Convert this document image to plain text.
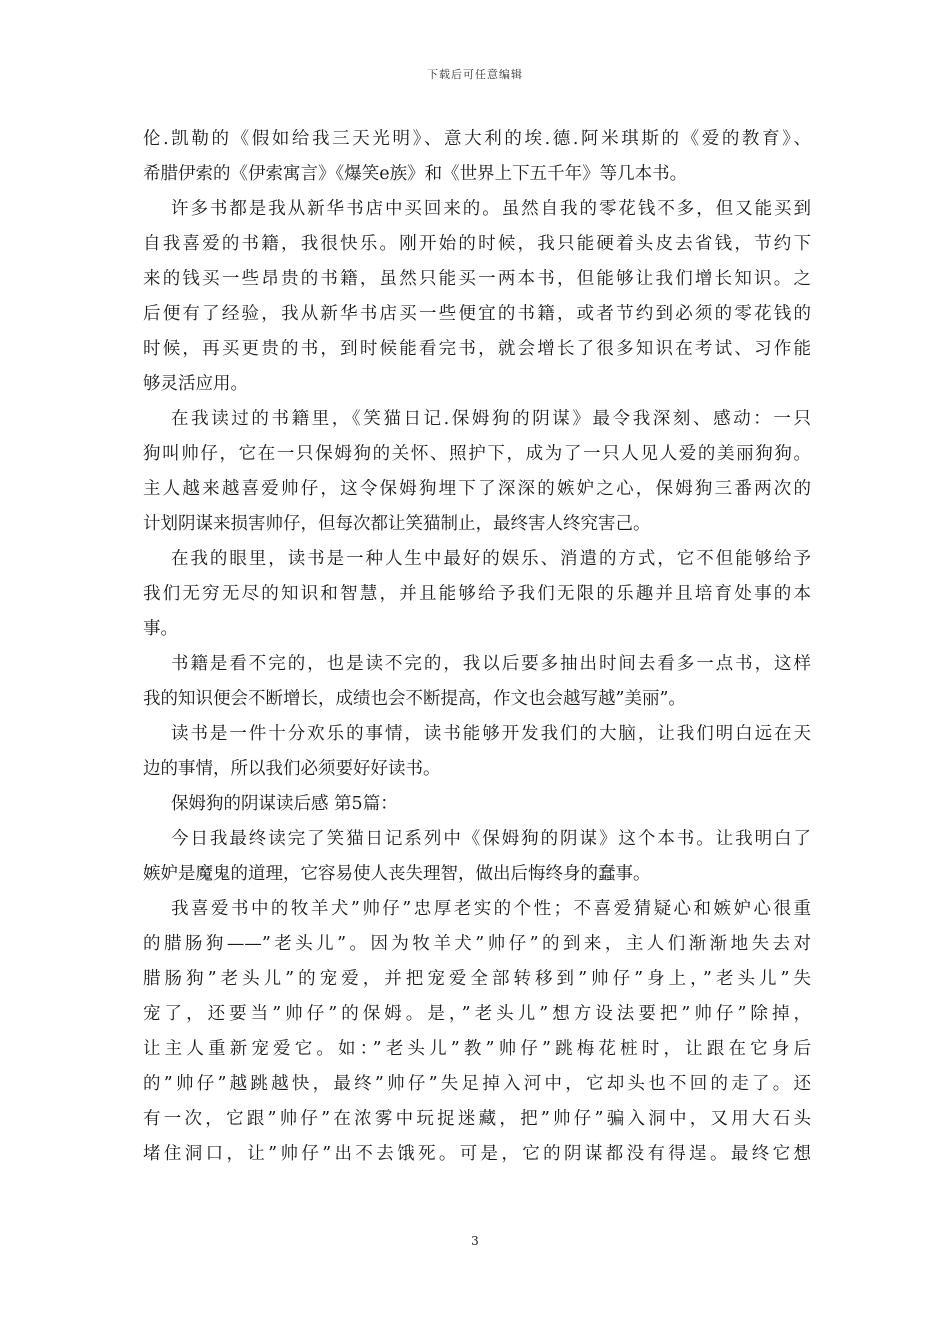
下载后可任意编辑
伦.凯勒的《假如给我三天光明》、意大利的埃.德.阿米琪斯的《爱的教育》、
希腊伊索的《伊索寓言》《爆笑e族》和《世界上下五千年》等几本书。
许多书都是我从新华书店中买回来的。虽然自我的零花钱不多，但又能买到
自我喜爱的书籍，我很快乐。刚开始的时候，我只能硬着头皮去省钱，节约下
来的钱买一些昂贵的书籍，虽然只能买一两本书，但能够让我们增长知识。之
后便有了经验，我从新华书店买一些便宜的书籍，或者节约到必须的零花钱的
时候，再买更贵的书，到时候能看完书，就会增长了很多知识在考试、习作能
够灵活应用。
在我读过的书籍里，《笑猫日记.保姆狗的阴谋》最令我深刻、感动：一只
狗叫帅仔，它在一只保姆狗的关怀、照护下，成为了一只人见人爱的美丽狗狗。
主人越来越喜爱帅仔，这令保姆狗埋下了深深的嫉妒之心，保姆狗三番两次的
计划阴谋来损害帅仔，但每次都让笑猫制止，最终害人终究害己。
在我的眼里，读书是一种人生中最好的娱乐、消遣的方式，它不但能够给予
我们无穷无尽的知识和智慧，并且能够给予我们无限的乐趣并且培育处事的本
事。
书籍是看不完的，也是读不完的，我以后要多抽出时间去看多一点书，这样
我的知识便会不断增长，成绩也会不断提高，作文也会越写越”美丽”。
读书是一件十分欢乐的事情，读书能够开发我们的大脑，让我们明白远在天
边的事情，所以我们必须要好好读书。
保姆狗的阴谋读后感 第5篇：
今日我最终读完了笑猫日记系列中《保姆狗的阴谋》这个本书。让我明白了
嫉妒是魔鬼的道理，它容易使人丧失理智，做出后悔终身的蠢事。
我喜爱书中的牧羊犬”帅仔”忠厚老实的个性；不喜爱猜疑心和嫉妒心很重
的腊肠狗——”老头儿”。因为牧羊犬”帅仔”的到来，主人们渐渐地失去对
腊肠狗”老头儿”的宠爱，并把宠爱全部转移到”帅仔”身上，”老头儿”失
宠了，还要当”帅仔”的保姆。是，”老头儿”想方设法要把”帅仔”除掉，
让主人重新宠爱它。如：”老头儿”教”帅仔”跳梅花桩时，让跟在它身后
的”帅仔”越跳越快，最终”帅仔”失足掉入河中，它却头也不回的走了。还
有一次，它跟”帅仔”在浓雾中玩捉迷藏，把”帅仔”骗入洞中，又用大石头
堵住洞口，让”帅仔”出不去饿死。可是，它的阴谋都没有得逞。最终它想
3
